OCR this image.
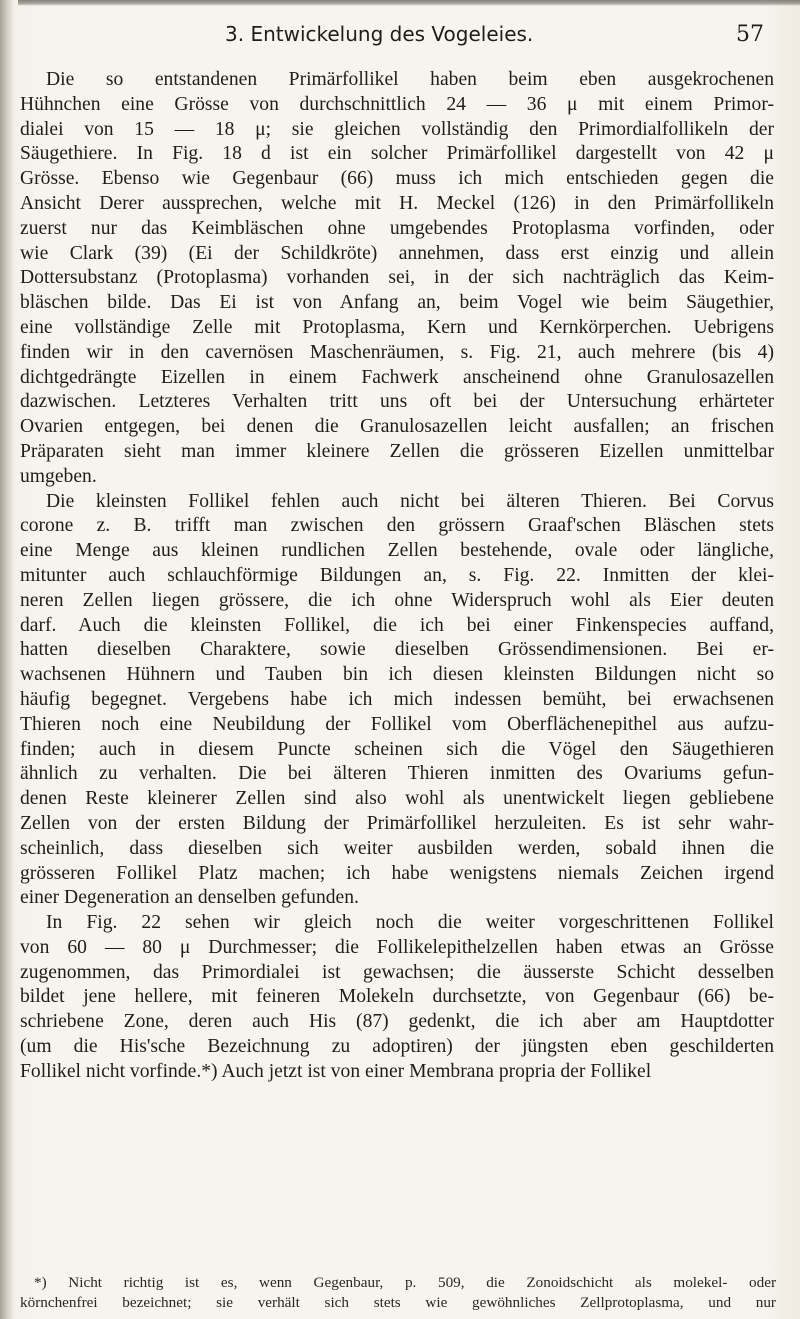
3. Entwickelung des Vogeleies.	57

Die so entstandenen Primärfollikel haben beim eben ausgekrochenen
Hühnchen eine Grösse von durchschnittlich 24 — 36 μ mit einem Primor-
dialei von 15 — 18 μ; sie gleichen vollständig den Primordialfollikeln der
Säugethiere. In Fig. 18 d ist ein solcher Primärfollikel dargestellt von 42 μ
Grösse. Ebenso wie Gegenbaur (66) muss ich mich entschieden gegen die
Ansicht Derer aussprechen, welche mit H. Meckel (126) in den Primärfollikeln
zuerst nur das Keimbläschen ohne umgebendes Protoplasma vorfinden, oder
wie Clark (39) (Ei der Schildkröte) annehmen, dass erst einzig und allein
Dottersubstanz (Protoplasma) vorhanden sei, in der sich nachträglich das Keim-
bläschen bilde. Das Ei ist von Anfang an, beim Vogel wie beim Säugethier,
eine vollständige Zelle mit Protoplasma, Kern und Kernkörperchen. Uebrigens
finden wir in den cavernösen Maschenräumen, s. Fig. 21, auch mehrere (bis 4)
dichtgedrängte Eizellen in einem Fachwerk anscheinend ohne Granulosazellen
dazwischen. Letzteres Verhalten tritt uns oft bei der Untersuchung erhärteter
Ovarien entgegen, bei denen die Granulosazellen leicht ausfallen; an frischen
Präparaten sieht man immer kleinere Zellen die grösseren Eizellen unmittelbar
umgeben.

Die kleinsten Follikel fehlen auch nicht bei älteren Thieren. Bei Corvus
corone z. B. trifft man zwischen den grössern Graaf'schen Bläschen stets
eine Menge aus kleinen rundlichen Zellen bestehende, ovale oder längliche,
mitunter auch schlauchförmige Bildungen an, s. Fig. 22. Inmitten der klei-
neren Zellen liegen grössere, die ich ohne Widerspruch wohl als Eier deuten
darf. Auch die kleinsten Follikel, die ich bei einer Finkenspecies auffand,
hatten dieselben Charaktere, sowie dieselben Grössendimensionen. Bei er-
wachsenen Hühnern und Tauben bin ich diesen kleinsten Bildungen nicht so
häufig begegnet. Vergebens habe ich mich indessen bemüht, bei erwachsenen
Thieren noch eine Neubildung der Follikel vom Oberflächenepithel aus aufzu-
finden; auch in diesem Puncte scheinen sich die Vögel den Säugethieren
ähnlich zu verhalten. Die bei älteren Thieren inmitten des Ovariums gefun-
denen Reste kleinerer Zellen sind also wohl als unentwickelt liegen gebliebene
Zellen von der ersten Bildung der Primärfollikel herzuleiten. Es ist sehr wahr-
scheinlich, dass dieselben sich weiter ausbilden werden, sobald ihnen die
grösseren Follikel Platz machen; ich habe wenigstens niemals Zeichen irgend
einer Degeneration an denselben gefunden.

In Fig. 22 sehen wir gleich noch die weiter vorgeschrittenen Follikel
von 60 — 80 μ Durchmesser; die Follikelepithelzellen haben etwas an Grösse
zugenommen, das Primordialei ist gewachsen; die äusserste Schicht desselben
bildet jene hellere, mit feineren Molekeln durchsetzte, von Gegenbaur (66) be-
schriebene Zone, deren auch His (87) gedenkt, die ich aber am Hauptdotter
(um die His'sche Bezeichnung zu adoptiren) der jüngsten eben geschilderten
Follikel nicht vorfinde.*) Auch jetzt ist von einer Membrana propria der Follikel

*) Nicht richtig ist es, wenn Gegenbaur, p. 509, die Zonoidschicht als molekel- oder
körnchenfrei bezeichnet; sie verhält sich stets wie gewöhnliches Zellprotoplasma, und nur
